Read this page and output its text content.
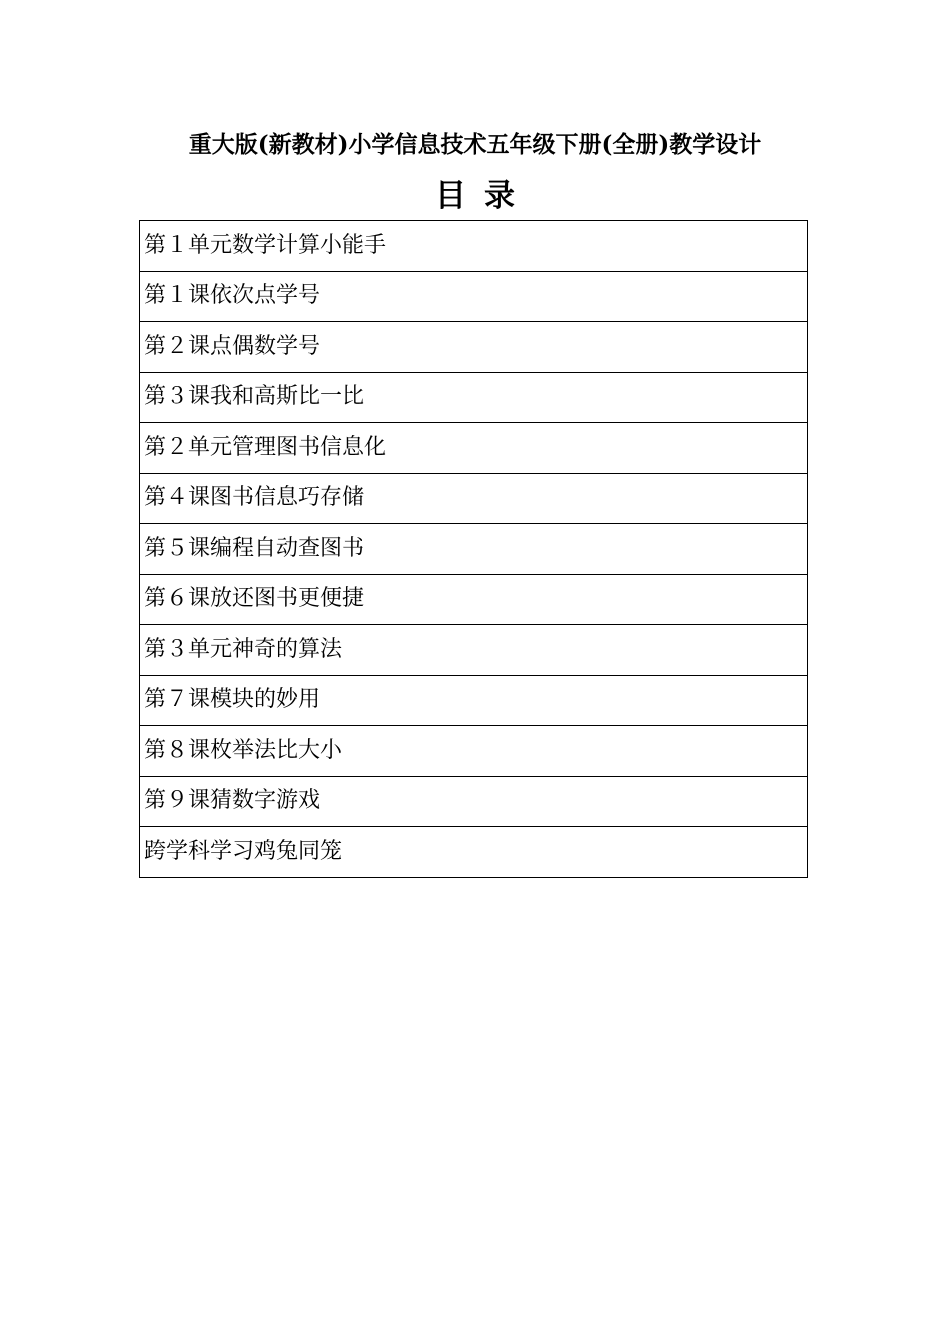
重大版(新教材)小学信息技术五年级下册(全册)教学设计
目录
第１单元数学计算小能手
第１课依次点学号
第２课点偶数学号
第３课我和高斯比一比
第２单元管理图书信息化
第４课图书信息巧存储
第５课编程自动查图书
第６课放还图书更便捷
第３单元神奇的算法
第７课模块的妙用
第８课枚举法比大小
第９课猜数字游戏
跨学科学习鸡兔同笼
